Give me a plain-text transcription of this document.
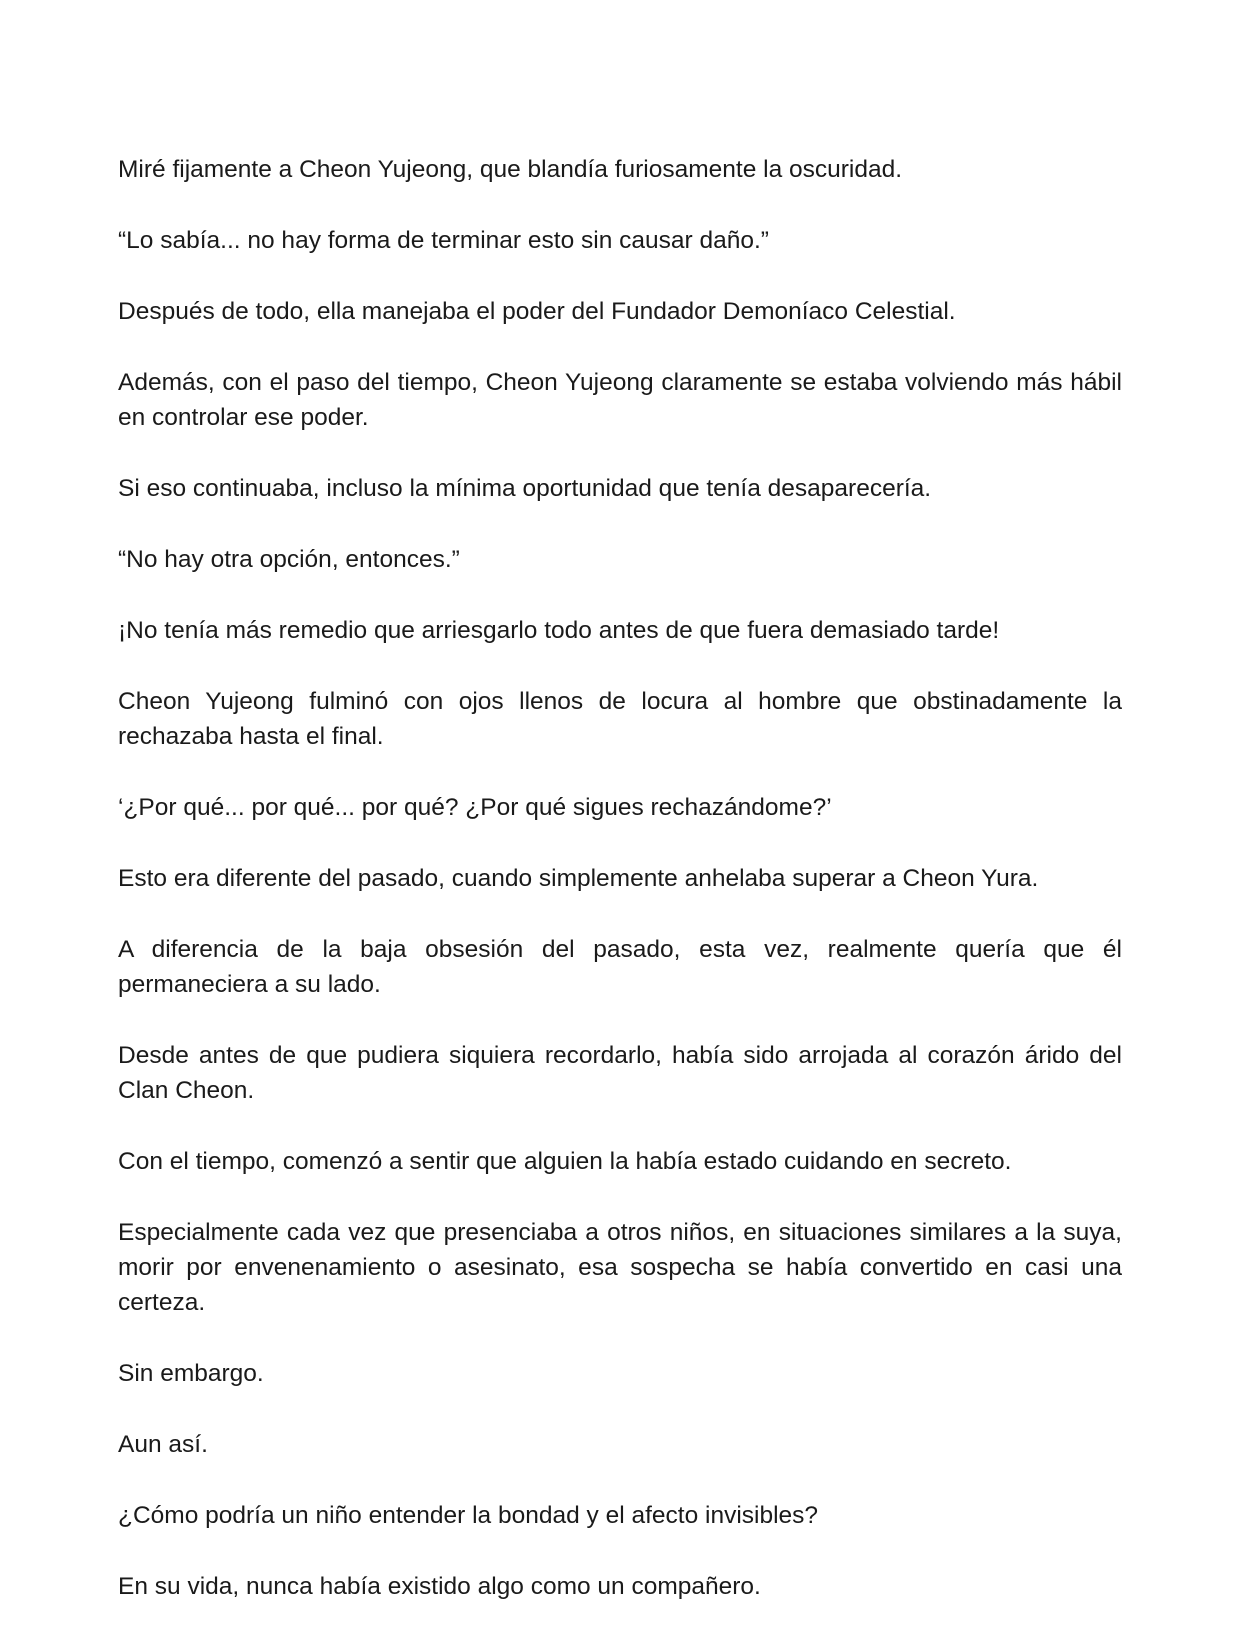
Miré fijamente a Cheon Yujeong, que blandía furiosamente la oscuridad.

“Lo sabía... no hay forma de terminar esto sin causar daño.”

Después de todo, ella manejaba el poder del Fundador Demoníaco Celestial.

Además, con el paso del tiempo, Cheon Yujeong claramente se estaba volviendo más hábil en controlar ese poder.

Si eso continuaba, incluso la mínima oportunidad que tenía desaparecería.

“No hay otra opción, entonces.”

¡No tenía más remedio que arriesgarlo todo antes de que fuera demasiado tarde!

Cheon Yujeong fulminó con ojos llenos de locura al hombre que obstinadamente la rechazaba hasta el final.

‘¿Por qué... por qué... por qué? ¿Por qué sigues rechazándome?’

Esto era diferente del pasado, cuando simplemente anhelaba superar a Cheon Yura.

A diferencia de la baja obsesión del pasado, esta vez, realmente quería que él permaneciera a su lado.

Desde antes de que pudiera siquiera recordarlo, había sido arrojada al corazón árido del Clan Cheon.

Con el tiempo, comenzó a sentir que alguien la había estado cuidando en secreto.

Especialmente cada vez que presenciaba a otros niños, en situaciones similares a la suya, morir por envenenamiento o asesinato, esa sospecha se había convertido en casi una certeza.

Sin embargo.

Aun así.

¿Cómo podría un niño entender la bondad y el afecto invisibles?

En su vida, nunca había existido algo como un compañero.
